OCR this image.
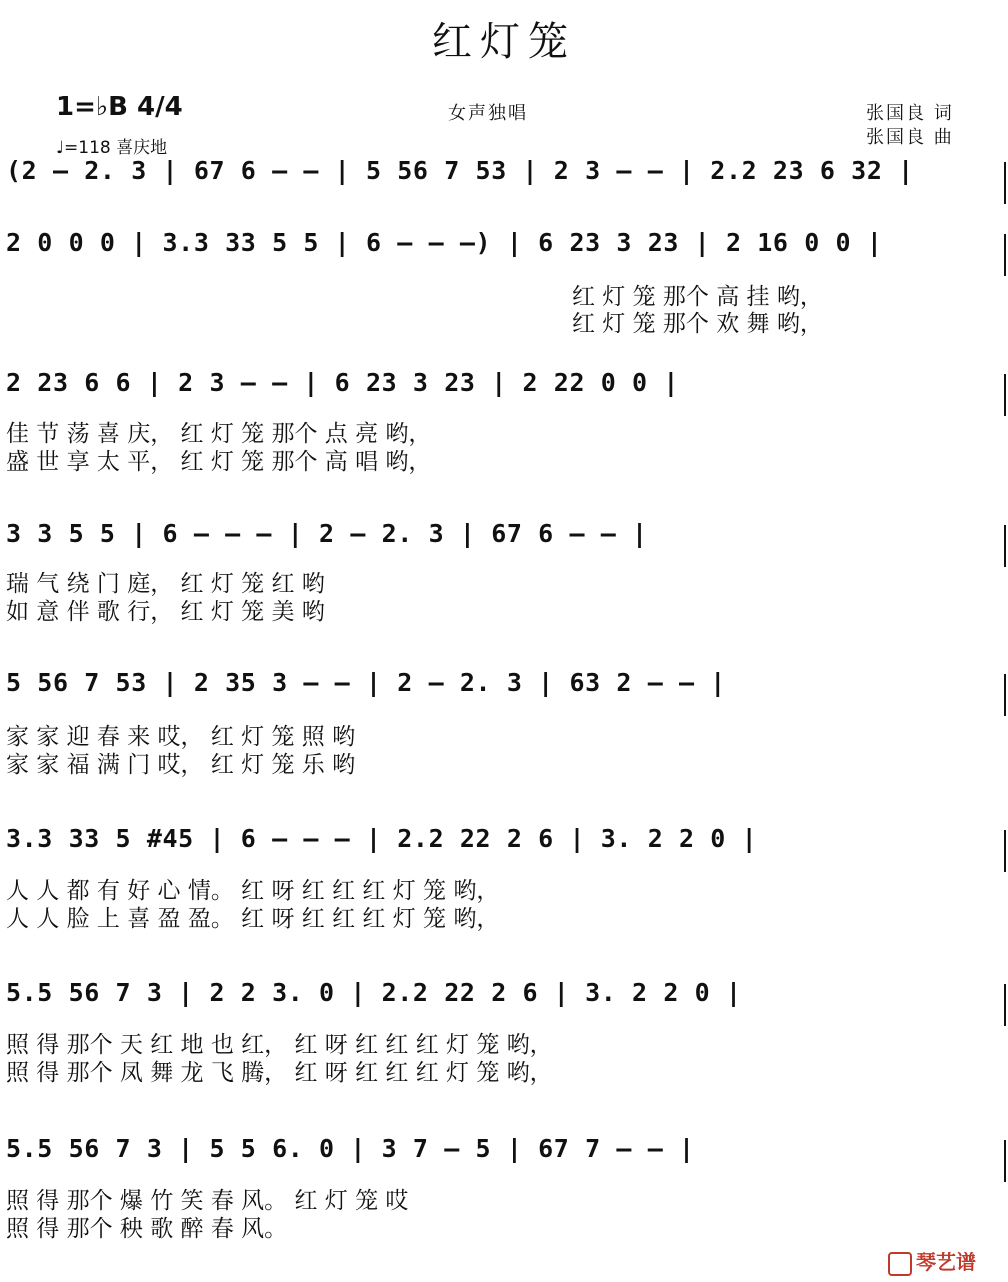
红灯笼
1=♭B 4/4
♩=118 喜庆地
女声独唱	张国良 词
张国良 曲
(2 – 2. 3 | 67 6 – – | 5 56 7 53 | 2 3 – – | 2.2 23 6 32 |
2 0 0 0 | 3.3 33 5 5 | 6 – – –) | 6 23 3 23 | 2 16 0 0 |
红 灯 笼 那个 高 挂 哟，
红 灯 笼 那个 欢 舞 哟，
2 23 6 6 | 2 3 – – | 6 23 3 23 | 2 22 0 0 |
佳 节 荡 喜 庆， 红 灯 笼 那个 点 亮 哟，
盛 世 享 太 平， 红 灯 笼 那个 高 唱 哟，
3 3 5 5 | 6 – – – | 2 – 2. 3 | 67 6 – – |
瑞 气 绕 门 庭， 红 灯 笼 红 哟
如 意 伴 歌 行， 红 灯 笼 美 哟
5 56 7 53 | 2 35 3 – – | 2 – 2. 3 | 63 2 – – |
家 家 迎 春 来 哎， 红 灯 笼 照 哟
家 家 福 满 门 哎， 红 灯 笼 乐 哟
3.3 33 5 #45 | 6 – – – | 2.2 22 2 6 | 3. 2 2 0 |
人 人 都 有 好 心 情。 红 呀 红 红 红 灯 笼 哟，
人 人 脸 上 喜 盈 盈。 红 呀 红 红 红 灯 笼 哟，
5.5 56 7 3 | 2 2 3. 0 | 2.2 22 2 6 | 3. 2 2 0 |
照 得 那个 天 红 地 也 红， 红 呀 红 红 红 灯 笼 哟，
照 得 那个 凤 舞 龙 飞 腾， 红 呀 红 红 红 灯 笼 哟，
5.5 56 7 3 | 5 5 6. 0 | 3 7 – 5 | 67 7 – – |
照 得 那个 爆 竹 笑 春 风。 红 灯 笼 哎
照 得 那个 秧 歌 醉 春 风。
琴艺谱
